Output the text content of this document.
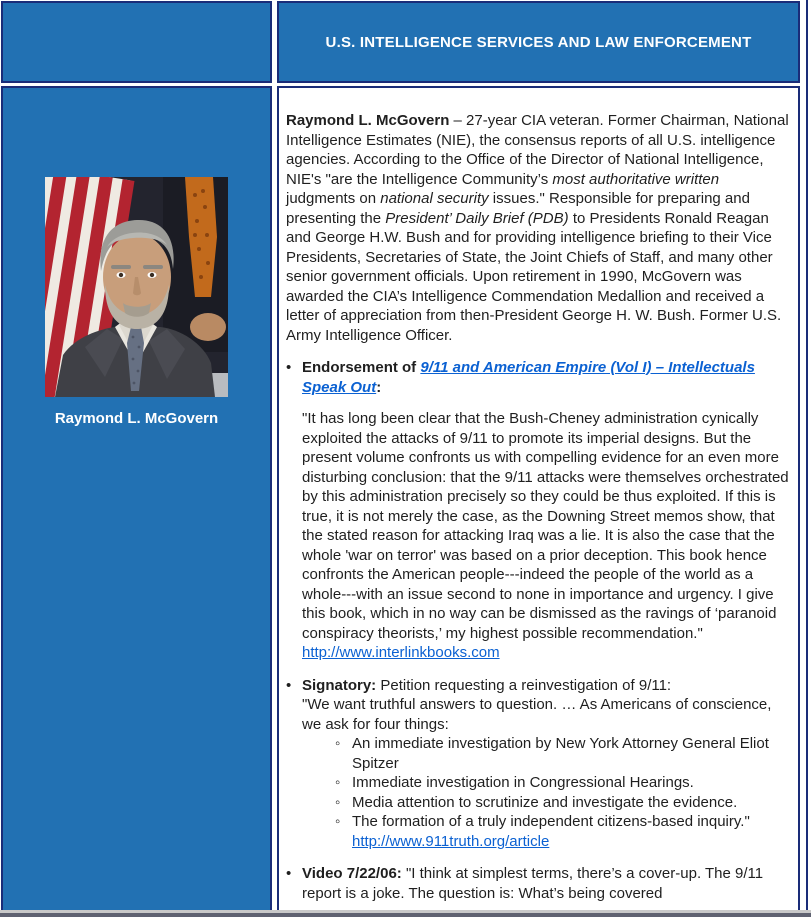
U.S. INTELLIGENCE SERVICES AND LAW ENFORCEMENT
Raymond L. McGovern

Raymond L. McGovern – 27-year CIA veteran. Former Chairman, National Intelligence Estimates (NIE), the consensus reports of all U.S. intelligence agencies. According to the Office of the Director of National Intelligence, NIE's "are the Intelligence Community’s most authoritative written judgments on national security issues." Responsible for preparing and presenting the President’ Daily Brief (PDB) to Presidents Ronald Reagan and George H.W. Bush and for providing intelligence briefing to their Vice Presidents, Secretaries of State, the Joint Chiefs of Staff, and many other senior government officials. Upon retirement in 1990, McGovern was awarded the CIA’s Intelligence Commendation Medallion and received a letter of appreciation from then-President George H. W. Bush. Former U.S. Army Intelligence Officer.

•
Endorsement of 9/11 and American Empire (Vol I) – Intellectuals Speak Out:

"It has long been clear that the Bush-Cheney administration cynically exploited the attacks of 9/11 to promote its imperial designs. But the present volume confronts us with compelling evidence for an even more disturbing conclusion: that the 9/11 attacks were themselves orchestrated by this administration precisely so they could be thus exploited. If this is true, it is not merely the case, as the Downing Street memos show, that the stated reason for attacking Iraq was a lie. It is also the case that the whole 'war on terror' was based on a prior deception. This book hence confronts the American people---indeed the people of the world as a whole---with an issue second to none in importance and urgency. I give this book, which in no way can be dismissed as the ravings of ‘paranoid conspiracy theorists,’ my highest possible recommendation."
http://www.interlinkbooks.com

•
Signatory: Petition requesting a reinvestigation of 9/11:
"We want truthful answers to question. … As Americans of conscience, we ask for four things:
◦
An immediate investigation by New York Attorney General Eliot Spitzer
◦
Immediate investigation in Congressional Hearings.
◦
Media attention to scrutinize and investigate the evidence.
◦
The formation of a truly independent citizens-based inquiry." http://www.911truth.org/article
•
Video 7/22/06: "I think at simplest terms, there’s a cover-up. The 9/11 report is a joke. The question is: What’s being covered
